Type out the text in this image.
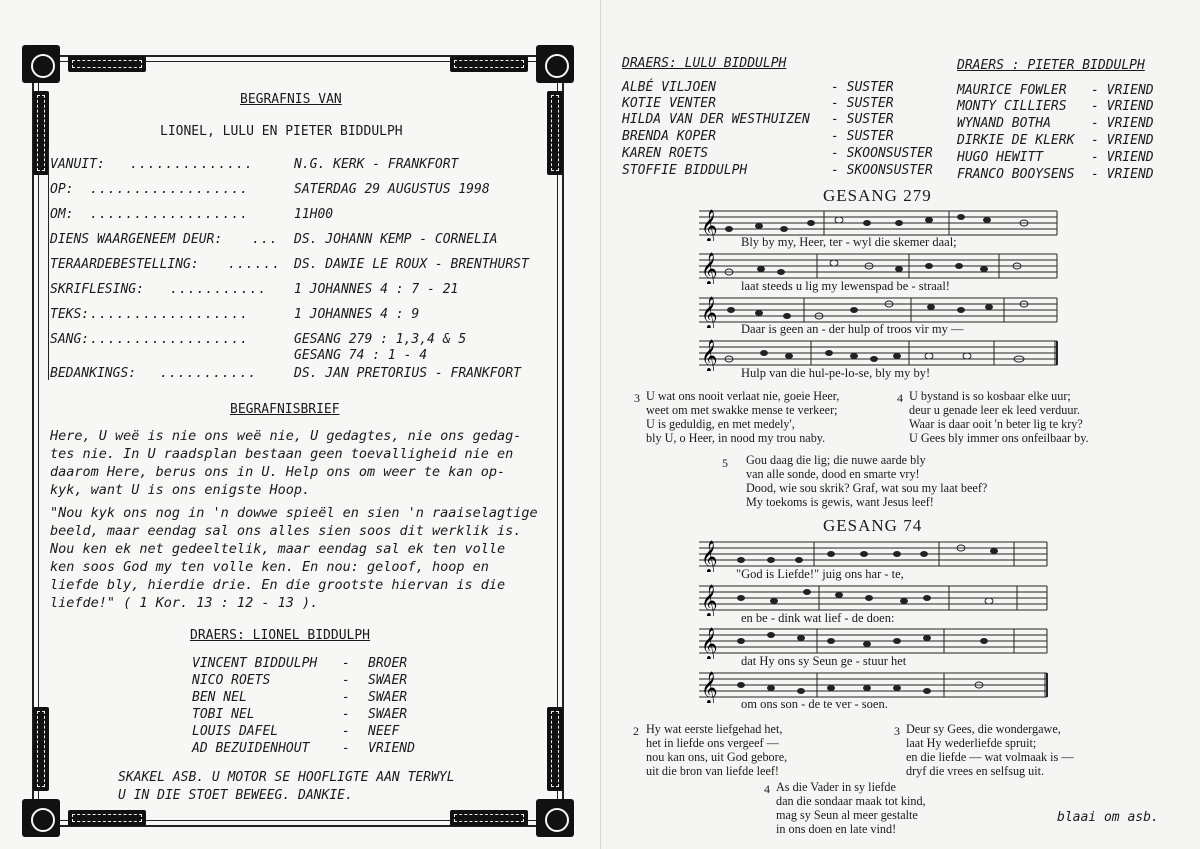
BEGRAFNIS VAN
LIONEL, LULU EN PIETER BIDDULPH
VANUIT: ..............	N.G. KERK - FRANKFORT
OP: ..................	SATERDAG 29 AUGUSTUS 1998
OM: ..................	11H00
DIENS WAARGENEEM DEUR: ... DS. JOHANN KEMP - CORNELIA
TERAARDEBESTELLING: ...... DS. DAWIE LE ROUX - BRENTHURST
SKRIFLESING: ........... 1 JOHANNES 4 : 7 - 21
TEKS: ..................	1 JOHANNES 4 : 9
SANG: ..................	GESANG 279 : 1,3,4 & 5
GESANG 74 : 1 - 4
BEDANKINGS: ...........	DS. JAN PRETORIUS - FRANKFORT
BEGRAFNISBRIEF
Here, U weë is nie ons weë nie, U gedagtes, nie ons gedag-
tes nie. In U raadsplan bestaan geen toevalligheid nie en
daarom Here, berus ons in U. Help ons om weer te kan op-
kyk, want U is ons enigste Hoop.
"Nou kyk ons nog in 'n dowwe spieël en sien 'n raaiselagtige
beeld, maar eendag sal ons alles sien soos dit werklik is.
Nou ken ek net gedeeltelik, maar eendag sal ek ten volle
ken soos God my ten volle ken. En nou: geloof, hoop en
liefde bly, hierdie drie. En die grootste hiervan is die
liefde!" ( 1 Kor. 13 : 12 - 13 ).
DRAERS: LIONEL BIDDULPH
VINCENT BIDDULPH - BROER
NICO ROETS	- SWAER
BEN NEL	- SWAER
TOBI NEL	- SWAER
LOUIS DAFEL	- NEEF
AD BEZUIDENHOUT	- VRIEND
SKAKEL ASB. U MOTOR SE HOOFLIGTE AAN TERWYL
U IN DIE STOET BEWEEG. DANKIE.
DRAERS: LULU BIDDULPH
ALBÉ VILJOEN	- SUSTER
KOTIE VENTER	- SUSTER
HILDA VAN DER WESTHUIZEN - SUSTER
BRENDA KOPER	- SUSTER
KAREN ROETS	- SKOONSUSTER
STOFFIE BIDDULPH	- SKOONSUSTER
DRAERS : PIETER BIDDULPH
MAURICE FOWLER - VRIEND
MONTY CILLIERS - VRIEND
WYNAND BOTHA	- VRIEND
DIRKIE DE KLERK - VRIEND
HUGO HEWITT	- VRIEND
FRANCO BOOYSENS - VRIEND
GESANG 279
𝄞 Bly by my, Heer, ter - wyl die skemer daal;
𝄞
laat steeds u lig my lewenspad be - straal!
𝄞 Daar is geen an - der hulp of troos vir my —
𝄞
Hulp van die hul-pe-lo-se, bly my by!
3 U wat ons nooit verlaat nie, goeie Heer,
weet om met swakke mense te verkeer;
U is geduldig, en met medely',
bly U, o Heer, in nood my trou naby.
4 U bystand is so kosbaar elke uur;
deur u genade leer ek leed verduur.
Waar is daar ooit 'n beter lig te kry?
U Gees bly immer ons onfeilbaar by.
5 Gou daag die lig; die nuwe aarde bly
van alle sonde, dood en smarte vry!
Dood, wie sou skrik? Graf, wat sou my laat beef?
My toekoms is gewis, want Jesus leef!
GESANG 74
𝄞
"God is Liefde!" juig ons har - te,
𝄞
en be - dink wat lief - de doen:
𝄞
dat Hy ons sy Seun ge - stuur het
𝄞 om ons son - de te ver - soen.
2 Hy wat eerste liefgehad het,
het in liefde ons vergeef —
nou kan ons, uit God gebore,
uit die bron van liefde leef!
3 Deur sy Gees, die wondergawe,
laat Hy wederliefde spruit;
en die liefde — wat volmaak is —
dryf die vrees en selfsug uit.
4 As die Vader in sy liefde
dan die sondaar maak tot kind,
mag sy Seun al meer gestalte
in ons doen en late vind!
blaai om asb.
